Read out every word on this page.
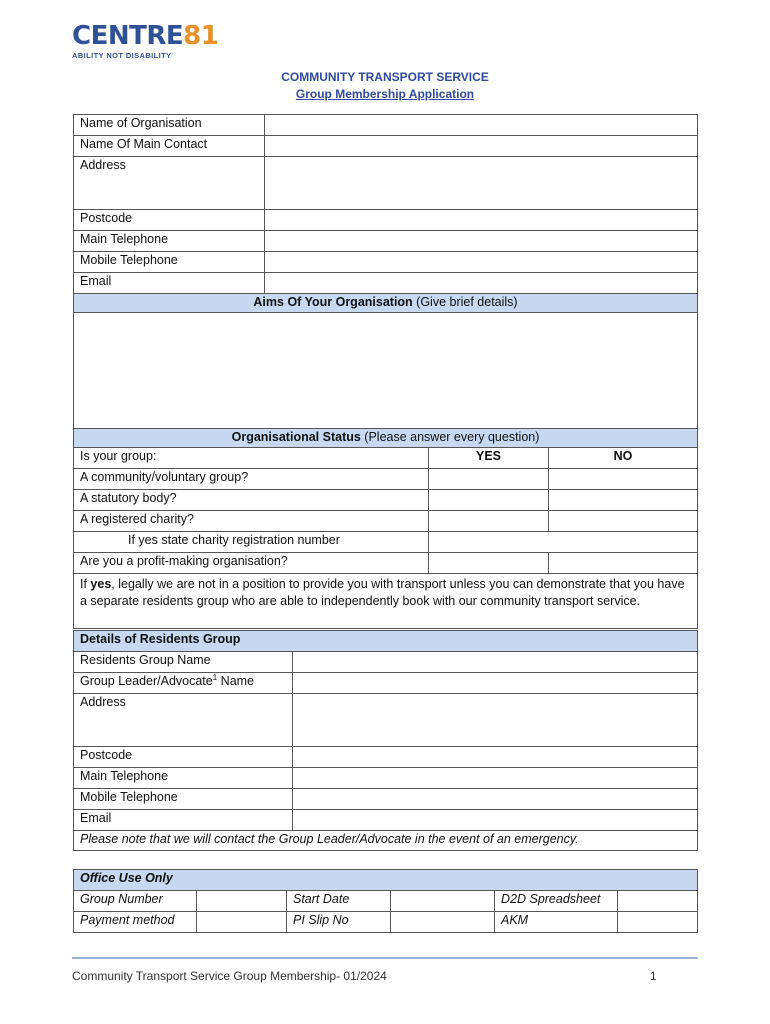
CENTRE81
ABILITY NOT DISABILITY
COMMUNITY TRANSPORT SERVICE
Group Membership Application
Name of Organisation			
Name Of Main Contact			
Address			
Postcode			
Main Telephone			
Mobile Telephone			
Email			
Aims Of Your Organisation (Give brief details)			

Organisational Status (Please answer every question)			
Is your group:		YES	NO
A community/voluntary group?			
A statutory body?			
A registered charity?			
If yes state charity registration number			
Are you a profit-making organisation?			
If yes, legally we are not in a position to provide you with transport unless you can demonstrate that you have a separate residents group who are able to independently book with our community transport service.			
Details of Residents Group	
Residents Group Name	
Group Leader/Advocate$^1$ Name	
Address	
Postcode	
Main Telephone	
Mobile Telephone	
Email	
Please note that we will contact the Group Leader/Advocate in the event of an emergency.	
Office Use Only					
Group Number		Start Date		D2D Spreadsheet	
Payment method		PI Slip No		AKM	
Community Transport Service Group Membership- 01/2024	1
